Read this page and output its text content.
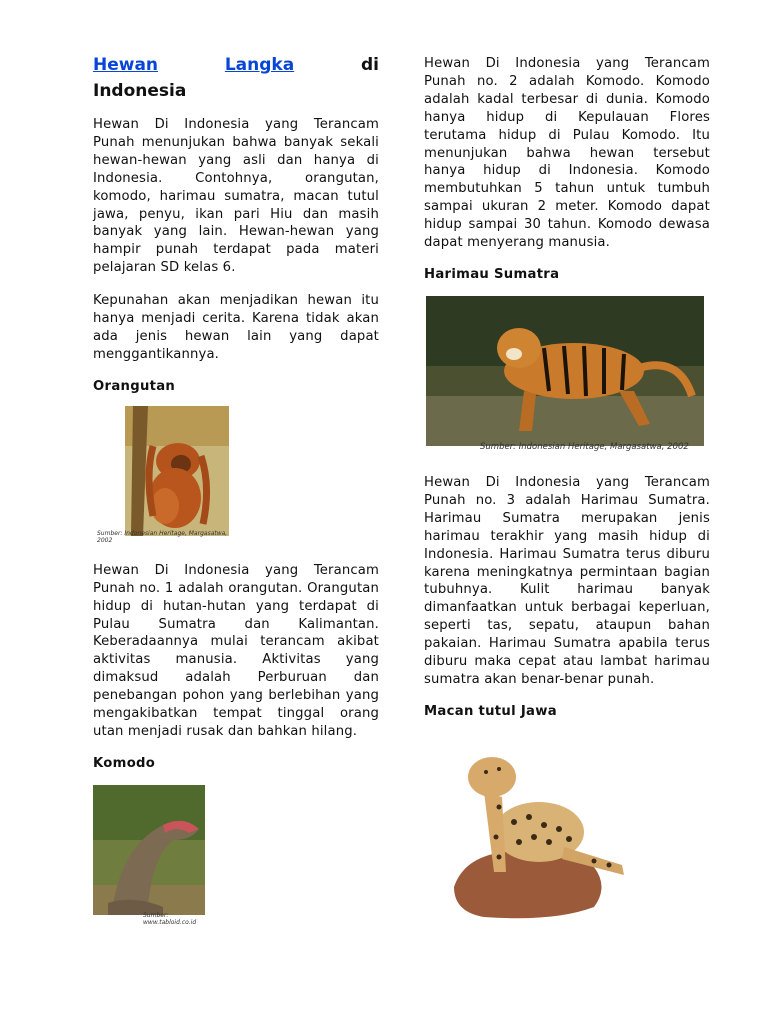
Hewan	Langka	di
Indonesia

Hewan Di Indonesia yang Terancam Punah menunjukan bahwa banyak sekali hewan-hewan yang asli dan hanya di Indonesia. Contohnya, orangutan, komodo, harimau sumatra, macan tutul jawa, penyu, ikan pari Hiu dan masih banyak yang lain. Hewan-hewan yang hampir punah terdapat pada materi pelajaran SD kelas 6.

Kepunahan akan menjadikan hewan itu hanya menjadi cerita. Karena tidak akan ada jenis hewan lain yang dapat menggantikannya.

Orangutan
Sumber: Indonesian Heritage, Margasatwa, 2002

Hewan Di Indonesia yang Terancam Punah no. 1 adalah orangutan. Orangutan hidup di hutan-hutan yang terdapat di Pulau Sumatra dan Kalimantan. Keberadaannya mulai terancam akibat aktivitas manusia. Aktivitas yang dimaksud adalah Perburuan dan penebangan pohon yang berlebihan yang mengakibatkan tempat tinggal orang utan menjadi rusak dan bahkan hilang.

Komodo
Sumber: www.tabloid.co.id

Hewan Di Indonesia yang Terancam Punah no. 2 adalah Komodo. Komodo adalah kadal terbesar di dunia. Komodo hanya hidup di Kepulauan Flores terutama hidup di Pulau Komodo. Itu menunjukan bahwa hewan tersebut hanya hidup di Indonesia. Komodo membutuhkan 5 tahun untuk tumbuh sampai ukuran 2 meter. Komodo dapat hidup sampai 30 tahun. Komodo dewasa dapat menyerang manusia.

Harimau Sumatra
Sumber: Indonesian Heritage, Margasatwa, 2002

Hewan Di Indonesia yang Terancam Punah no. 3 adalah Harimau Sumatra. Harimau Sumatra merupakan jenis harimau terakhir yang masih hidup di Indonesia. Harimau Sumatra terus diburu karena meningkatnya permintaan bagian tubuhnya. Kulit harimau banyak dimanfaatkan untuk berbagai keperluan, seperti tas, sepatu, ataupun bahan pakaian. Harimau Sumatra apabila terus diburu maka cepat atau lambat harimau sumatra akan benar-benar punah.

Macan tutul Jawa
